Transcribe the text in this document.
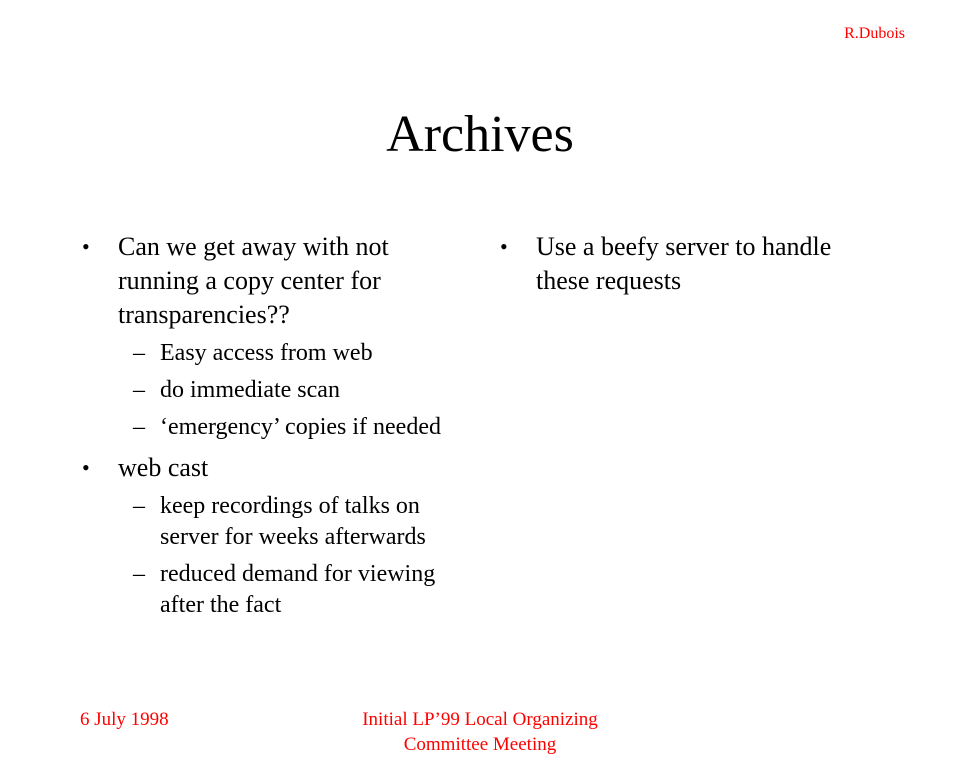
R.Dubois
Archives
•	Can we get away with not running a copy center for transparencies??
– Easy access from web
– do immediate scan
– ‘emergency’ copies if needed
•	web cast
– keep recordings of talks on server for weeks afterwards
– reduced demand for viewing after the fact
•	Use a beefy server to handle these requests
6 July 1998	Initial LP’99 Local Organizing
Committee Meeting
